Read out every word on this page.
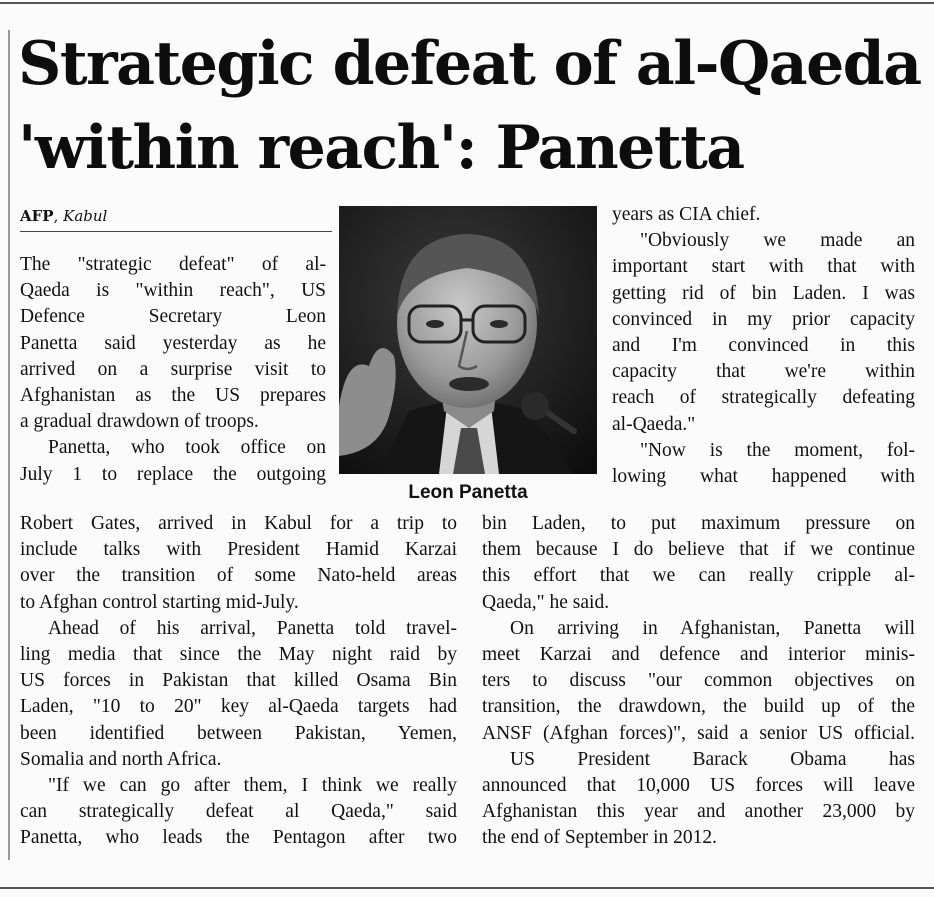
Strategic defeat of al-Qaeda
'within reach': Panetta
AFP, Kabul
The "strategic defeat" of al-
Qaeda is "within reach", US
Defence Secretary Leon
Panetta said yesterday as he
arrived on a surprise visit to
Afghanistan as the US prepares
a gradual drawdown of troops.
Panetta, who took office on
July 1 to replace the outgoing
Leon Panetta
Robert Gates, arrived in Kabul for a trip to
include talks with President Hamid Karzai
over the transition of some Nato-held areas
to Afghan control starting mid-July.
Ahead of his arrival, Panetta told travel-
ling media that since the May night raid by
US forces in Pakistan that killed Osama Bin
Laden, "10 to 20" key al-Qaeda targets had
been identified between Pakistan, Yemen,
Somalia and north Africa.
"If we can go after them, I think we really
can strategically defeat al Qaeda," said
Panetta, who leads the Pentagon after two
years as CIA chief.
"Obviously we made an
important start with that with
getting rid of bin Laden. I was
convinced in my prior capacity
and I'm convinced in this
capacity that we're within
reach of strategically defeating
al-Qaeda."
"Now is the moment, fol-
lowing what happened with
bin Laden, to put maximum pressure on
them because I do believe that if we continue
this effort that we can really cripple al-
Qaeda," he said.
On arriving in Afghanistan, Panetta will
meet Karzai and defence and interior minis-
ters to discuss "our common objectives on
transition, the drawdown, the build up of the
ANSF (Afghan forces)", said a senior US official.
US President Barack Obama has
announced that 10,000 US forces will leave
Afghanistan this year and another 23,000 by
the end of September in 2012.
